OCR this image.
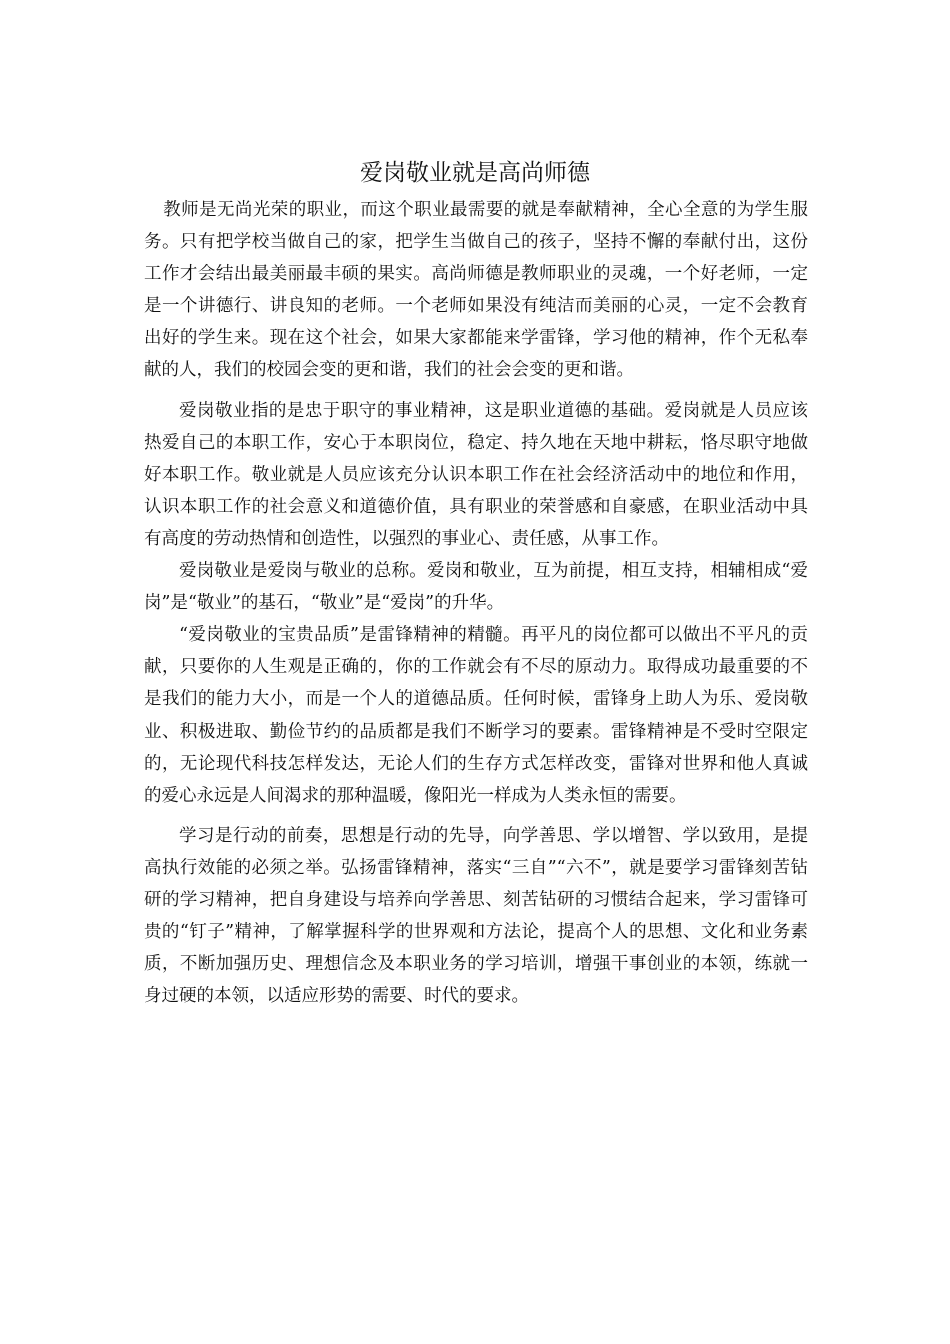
爱岗敬业就是高尚师德

教师是无尚光荣的职业，而这个职业最需要的就是奉献精神，全心全意的为学生服务。只有把学校当做自己的家，把学生当做自己的孩子，坚持不懈的奉献付出，这份工作才会结出最美丽最丰硕的果实。高尚师德是教师职业的灵魂，一个好老师，一定是一个讲德行、讲良知的老师。一个老师如果没有纯洁而美丽的心灵，一定不会教育出好的学生来。现在这个社会，如果大家都能来学雷锋，学习他的精神，作个无私奉献的人，我们的校园会变的更和谐，我们的社会会变的更和谐。

爱岗敬业指的是忠于职守的事业精神，这是职业道德的基础。爱岗就是人员应该热爱自己的本职工作，安心于本职岗位，稳定、持久地在天地中耕耘，恪尽职守地做好本职工作。敬业就是人员应该充分认识本职工作在社会经济活动中的地位和作用，认识本职工作的社会意义和道德价值，具有职业的荣誉感和自豪感，在职业活动中具有高度的劳动热情和创造性，以强烈的事业心、责任感，从事工作。

爱岗敬业是爱岗与敬业的总称。爱岗和敬业，互为前提，相互支持，相辅相成“爱岗”是“敬业”的基石，“敬业”是“爱岗”的升华。

“爱岗敬业的宝贵品质”是雷锋精神的精髓。再平凡的岗位都可以做出不平凡的贡献，只要你的人生观是正确的，你的工作就会有不尽的原动力。取得成功最重要的不是我们的能力大小，而是一个人的道德品质。任何时候，雷锋身上助人为乐、爱岗敬业、积极进取、勤俭节约的品质都是我们不断学习的要素。雷锋精神是不受时空限定的，无论现代科技怎样发达，无论人们的生存方式怎样改变，雷锋对世界和他人真诚的爱心永远是人间渴求的那种温暖，像阳光一样成为人类永恒的需要。

学习是行动的前奏，思想是行动的先导，向学善思、学以增智、学以致用，是提高执行效能的必须之举。弘扬雷锋精神，落实“三自”“六不”，就是要学习雷锋刻苦钻研的学习精神，把自身建设与培养向学善思、刻苦钻研的习惯结合起来，学习雷锋可贵的“钉子”精神，了解掌握科学的世界观和方法论，提高个人的思想、文化和业务素质，不断加强历史、理想信念及本职业务的学习培训，增强干事创业的本领，练就一身过硬的本领，以适应形势的需要、时代的要求。
